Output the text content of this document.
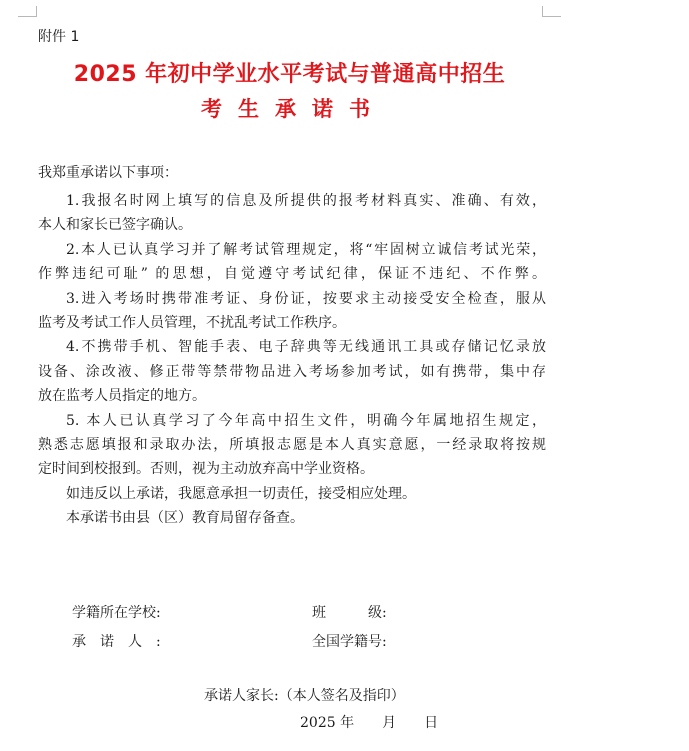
附件 1
2025 年初中学业水平考试与普通高中招生
考生承诺书
我郑重承诺以下事项：
1.我报名时网上填写的信息及所提供的报考材料真实、准确、有效，
本人和家长已签字确认。
2.本人已认真学习并了解考试管理规定，将“牢固树立诚信考试光荣，
作弊违纪可耻” 的思想，自觉遵守考试纪律，保证不违纪、不作弊。
3.进入考场时携带准考证、身份证，按要求主动接受安全检查，服从
监考及考试工作人员管理，不扰乱考试工作秩序。
4.不携带手机、智能手表、电子辞典等无线通讯工具或存储记忆录放
设备、涂改液、修正带等禁带物品进入考场参加考试，如有携带，集中存
放在监考人员指定的地方。
5. 本人已认真学习了今年高中招生文件，明确今年属地招生规定，
熟悉志愿填报和录取办法，所填报志愿是本人真实意愿，一经录取将按规
定时间到校报到。否则，视为主动放弃高中学业资格。
如违反以上承诺，我愿意承担一切责任，接受相应处理。
本承诺书由县（区）教育局留存备查。
学籍所在学校:	班　　　级:
承　诺　人　:	全国学籍号:
承诺人家长:（本人签名及指印）
2025 年　　月　　日
